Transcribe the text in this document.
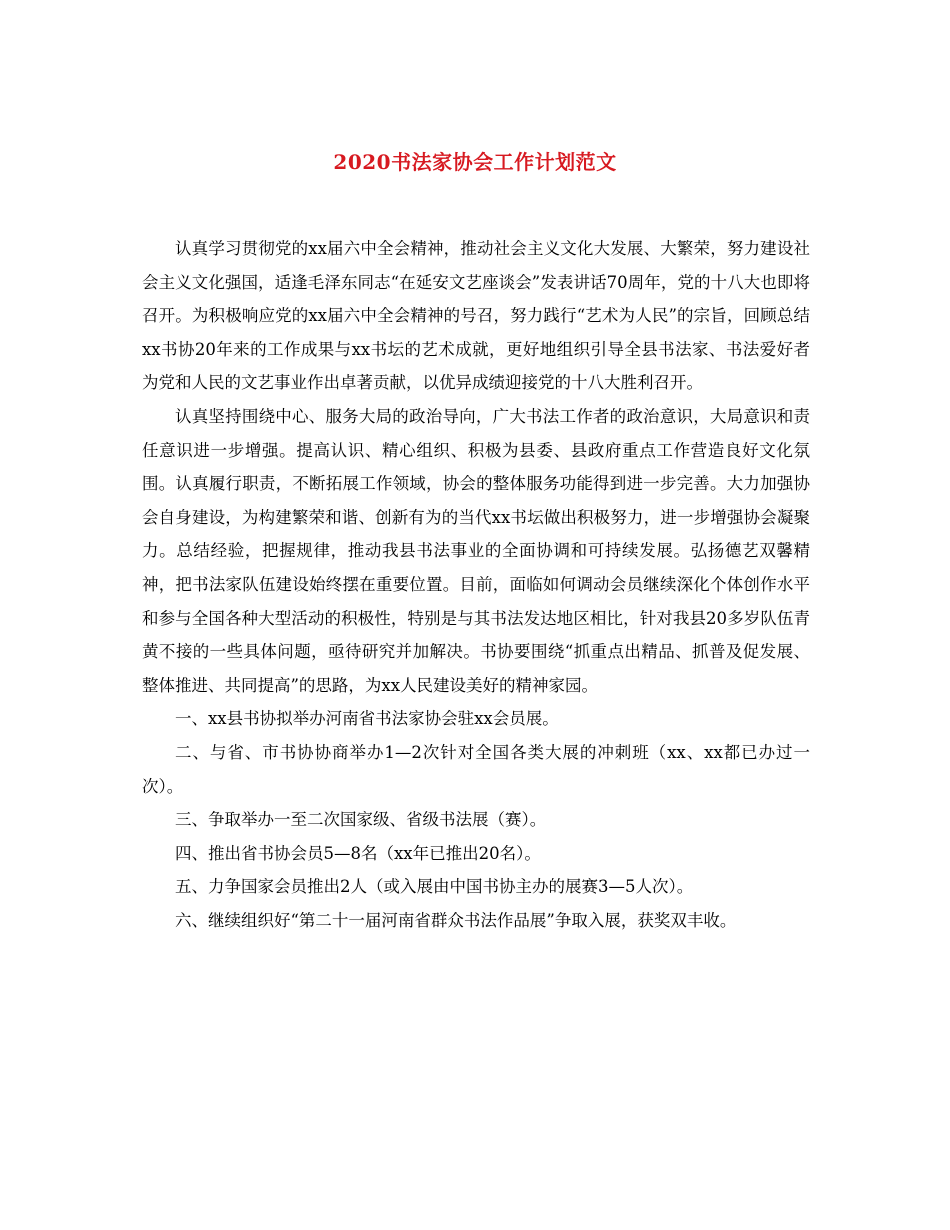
2020书法家协会工作计划范文

认真学习贯彻党的xx届六中全会精神，推动社会主义文化大发展、大繁荣，努力建设社会主义文化强国，适逢毛泽东同志“在延安文艺座谈会”发表讲话70周年，党的十八大也即将召开。为积极响应党的xx届六中全会精神的号召，努力践行“艺术为人民”的宗旨，回顾总结xx书协20年来的工作成果与xx书坛的艺术成就，更好地组织引导全县书法家、书法爱好者为党和人民的文艺事业作出卓著贡献，以优异成绩迎接党的十八大胜利召开。

认真坚持围绕中心、服务大局的政治导向，广大书法工作者的政治意识，大局意识和责任意识进一步增强。提高认识、精心组织、积极为县委、县政府重点工作营造良好文化氛围。认真履行职责，不断拓展工作领域，协会的整体服务功能得到进一步完善。大力加强协会自身建设，为构建繁荣和谐、创新有为的当代xx书坛做出积极努力，进一步增强协会凝聚力。总结经验，把握规律，推动我县书法事业的全面协调和可持续发展。弘扬德艺双馨精神，把书法家队伍建设始终摆在重要位置。目前，面临如何调动会员继续深化个体创作水平和参与全国各种大型活动的积极性，特别是与其书法发达地区相比，针对我县20多岁队伍青黄不接的一些具体问题，亟待研究并加解决。书协要围绕“抓重点出精品、抓普及促发展、整体推进、共同提高”的思路，为xx人民建设美好的精神家园。

一、xx县书协拟举办河南省书法家协会驻xx会员展。

二、与省、市书协协商举办1—2次针对全国各类大展的冲刺班（xx、xx都已办过一次）。

三、争取举办一至二次国家级、省级书法展（赛）。

四、推出省书协会员5—8名（xx年已推出20名）。

五、力争国家会员推出2人（或入展由中国书协主办的展赛3—5人次）。

六、继续组织好“第二十一届河南省群众书法作品展”争取入展，获奖双丰收。
